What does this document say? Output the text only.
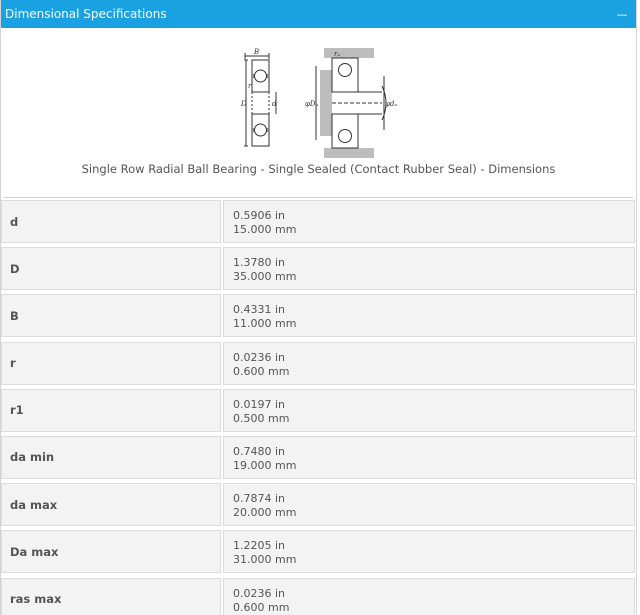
Dimensional Specifications	—
B
D	d
r
rₐ
φDₐ	φdₐ
Single Row Radial Ball Bearing - Single Sealed (Contact Rubber Seal) - Dimensions
d	0.5906 in
15.000 mm
D	1.3780 in
35.000 mm
B	0.4331 in
11.000 mm
r	0.0236 in
0.600 mm
r1	0.0197 in
0.500 mm
da min	0.7480 in
19.000 mm
da max	0.7874 in
20.000 mm
Da max	1.2205 in
31.000 mm
ras max	0.0236 in
0.600 mm
